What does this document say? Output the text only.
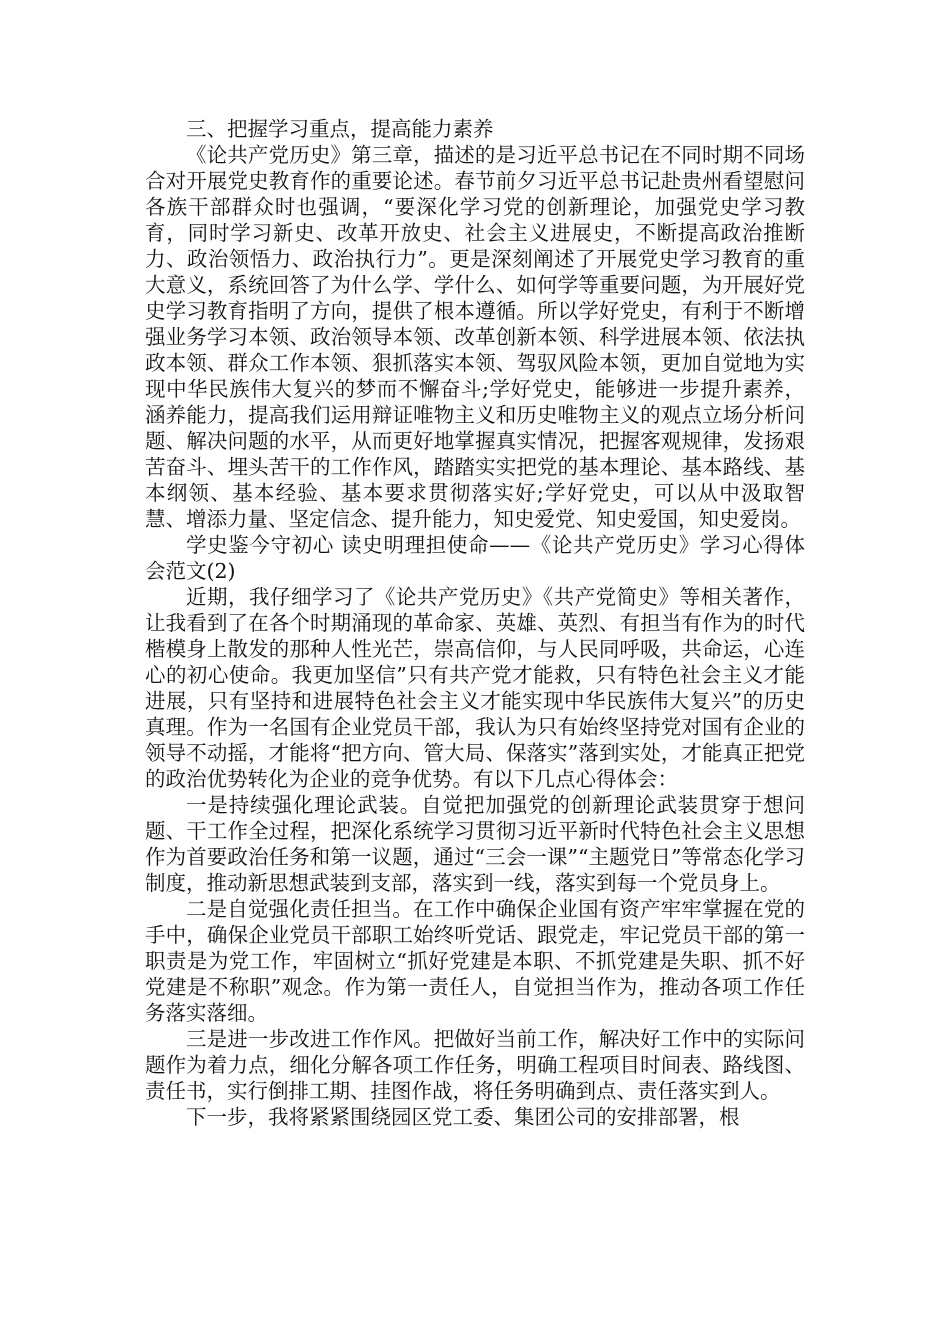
三、把握学习重点，提高能力素养

《论共产党历史》第三章，描述的是习近平总书记在不同时期不同场合对开展党史教育作的重要论述。春节前夕习近平总书记赴贵州看望慰问各族干部群众时也强调，“要深化学习党的创新理论，加强党史学习教育，同时学习新史、改革开放史、社会主义进展史，不断提高政治推断力、政治领悟力、政治执行力”。更是深刻阐述了开展党史学习教育的重大意义，系统回答了为什么学、学什么、如何学等重要问题，为开展好党史学习教育指明了方向，提供了根本遵循。所以学好党史，有利于不断增强业务学习本领、政治领导本领、改革创新本领、科学进展本领、依法执政本领、群众工作本领、狠抓落实本领、驾驭风险本领，更加自觉地为实现中华民族伟大复兴的梦而不懈奋斗;学好党史，能够进一步提升素养，涵养能力，提高我们运用辩证唯物主义和历史唯物主义的观点立场分析问题、解决问题的水平，从而更好地掌握真实情况，把握客观规律，发扬艰苦奋斗、埋头苦干的工作作风，踏踏实实把党的基本理论、基本路线、基本纲领、基本经验、基本要求贯彻落实好;学好党史，可以从中汲取智慧、增添力量、坚定信念、提升能力，知史爱党、知史爱国，知史爱岗。

学史鉴今守初心 读史明理担使命——《论共产党历史》学习心得体会范文(2)

近期，我仔细学习了《论共产党历史》《共产党简史》等相关著作，让我看到了在各个时期涌现的革命家、英雄、英烈、有担当有作为的时代楷模身上散发的那种人性光芒，崇高信仰，与人民同呼吸，共命运，心连心的初心使命。我更加坚信”只有共产党才能救，只有特色社会主义才能进展，只有坚持和进展特色社会主义才能实现中华民族伟大复兴”的历史真理。作为一名国有企业党员干部，我认为只有始终坚持党对国有企业的领导不动摇，才能将“把方向、管大局、保落实”落到实处，才能真正把党的政治优势转化为企业的竞争优势。有以下几点心得体会：

一是持续强化理论武装。自觉把加强党的创新理论武装贯穿于想问题、干工作全过程，把深化系统学习贯彻习近平新时代特色社会主义思想作为首要政治任务和第一议题，通过“三会一课”“主题党日”等常态化学习制度，推动新思想武装到支部，落实到一线，落实到每一个党员身上。

二是自觉强化责任担当。在工作中确保企业国有资产牢牢掌握在党的手中，确保企业党员干部职工始终听党话、跟党走，牢记党员干部的第一职责是为党工作，牢固树立“抓好党建是本职、不抓党建是失职、抓不好党建是不称职”观念。作为第一责任人，自觉担当作为，推动各项工作任务落实落细。

三是进一步改进工作作风。把做好当前工作，解决好工作中的实际问题作为着力点，细化分解各项工作任务，明确工程项目时间表、路线图、责任书，实行倒排工期、挂图作战，将任务明确到点、责任落实到人。

下一步，我将紧紧围绕园区党工委、集团公司的安排部署，根
